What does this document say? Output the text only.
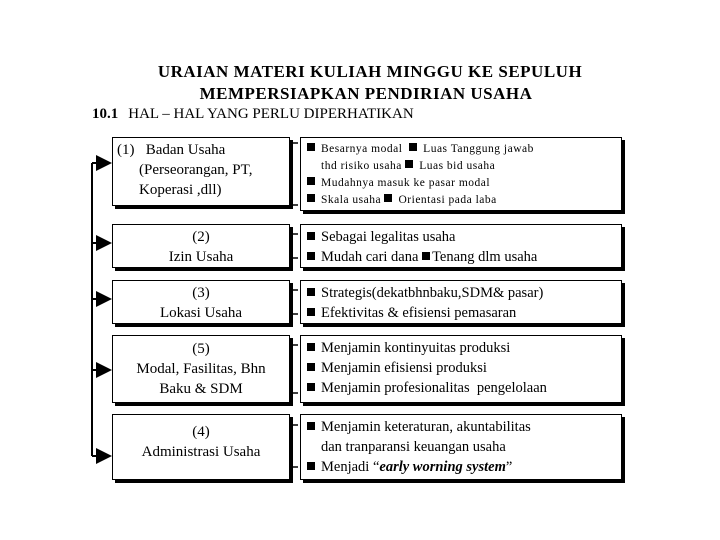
URAIAN MATERI KULIAH MINGGU KE SEPULUH
MEMPERSIAPKAN PENDIRIAN USAHA
10.1 HAL – HAL YANG PERLU DIPERHATIKAN
(1)   Badan Usaha
(Perseorangan, PT,
Koperasi ,dll)
Besarnya modal Luas Tanggung jawab
thd risiko usaha Luas bid usaha
Mudahnya masuk ke pasar modal
Skala usaha Orientasi pada laba
(2)
Izin Usaha
Sebagai legalitas usaha
Mudah cari dana Tenang dlm usaha
(3)
Lokasi Usaha
Strategis(dekatbhnbaku,SDM& pasar)
Efektivitas & efisiensi pemasaran
(5)
Modal, Fasilitas, Bhn
Baku & SDM
Menjamin kontinyuitas produksi
Menjamin efisiensi produksi
Menjamin profesionalitas  pengelolaan
(4)
Administrasi Usaha
Menjamin keteraturan, akuntabilitas
dan tranparansi keuangan usaha
Menjadi “early worning system”
